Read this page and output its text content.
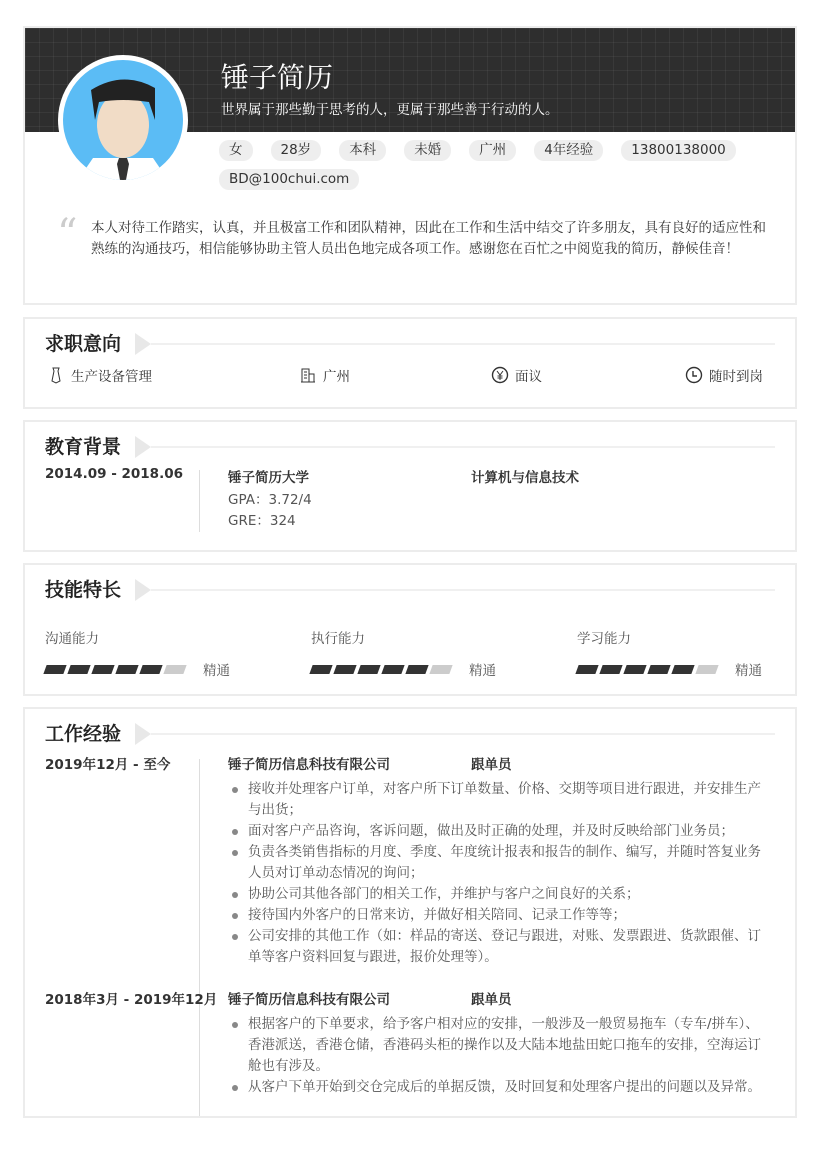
锤子简历
世界属于那些勤于思考的人，更属于那些善于行动的人。
女	28岁	本科	未婚	广州	4年经验	13800138000
BD@100chui.com
“ 本人对待工作踏实，认真，并且极富工作和团队精神，因此在工作和生活中结交了许多朋友，具有良好的适应性和熟练的沟通技巧，相信能够协助主管人员出色地完成各项工作。感谢您在百忙之中阅览我的简历，静候佳音！
求职意向
生产设备管理	广州	面议	随时到岗
教育背景
2014.09 - 2018.06	锤子简历大学	计算机与信息技术
GPA：3.72/4
GRE：324
技能特长
沟通能力
精通
执行能力
精通
学习能力
精通
工作经验
2019年12月 - 至今	锤子简历信息科技有限公司	跟单员
接收并处理客户订单，对客户所下订单数量、价格、交期等项目进行跟进，并安排生产与出货；
面对客户产品咨询，客诉问题，做出及时正确的处理，并及时反映给部门业务员；
负责各类销售指标的月度、季度、年度统计报表和报告的制作、编写，并随时答复业务人员对订单动态情况的询问；
协助公司其他各部门的相关工作，并维护与客户之间良好的关系；
接待国内外客户的日常来访，并做好相关陪同、记录工作等等；
公司安排的其他工作（如：样品的寄送、登记与跟进，对账、发票跟进、货款跟催、订单等客户资料回复与跟进，报价处理等）。
2018年3月 - 2019年12月 锤子简历信息科技有限公司	跟单员
根据客户的下单要求，给予客户相对应的安排，一般涉及一般贸易拖车（专车/拼车）、香港派送，香港仓储，香港码头柜的操作以及大陆本地盐田蛇口拖车的安排，空海运订舱也有涉及。
从客户下单开始到交仓完成后的单据反馈，及时回复和处理客户提出的问题以及异常。
